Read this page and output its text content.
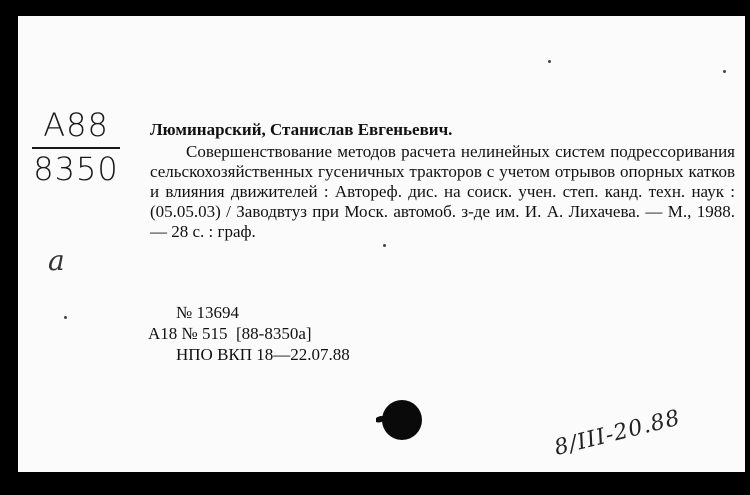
А88
8350
а

Люминарский, Станислав Евгеньевич.

Совершенствование методов расчета нелинейных систем подрессоривания сельскохозяйственных гусеничных тракторов с учетом отрывов опорных катков и влияния движителей : Автореф. дис. на соиск. учен. степ. канд. техн. наук : (05.05.03) / Заводвтуз при Моск. автомоб. з-де им. И. А. Лихачева. — М., 1988. — 28 с. : граф.

№ 13694
А18 № 515  [88-8350а]
НПО ВКП 18—22.07.88
8/III-20.88
